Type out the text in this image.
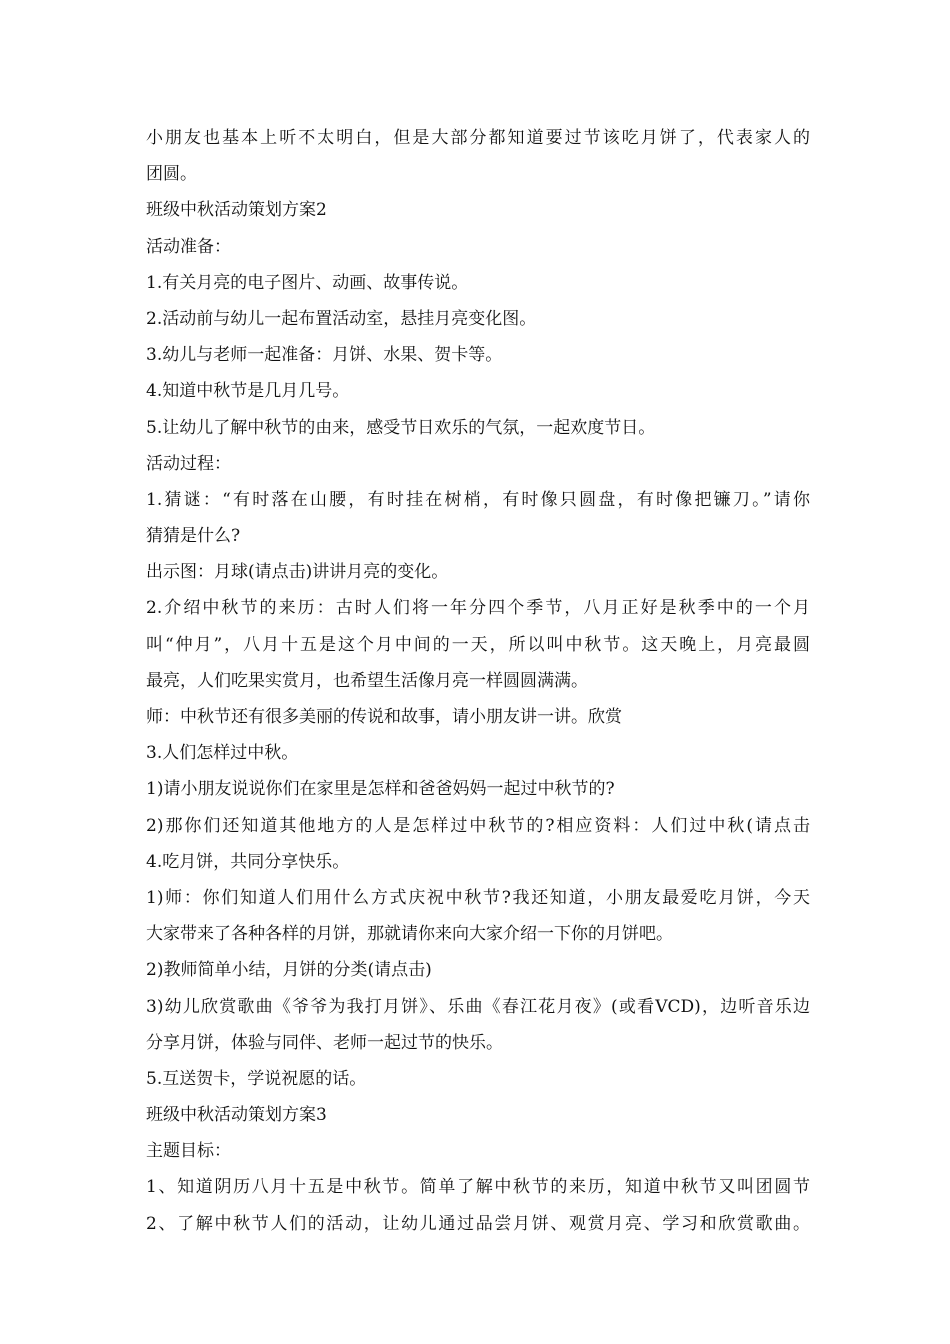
小朋友也基本上听不太明白，但是大部分都知道要过节该吃月饼了，代表家人的
团圆。
班级中秋活动策划方案2
活动准备：
1.有关月亮的电子图片、动画、故事传说。
2.活动前与幼儿一起布置活动室，悬挂月亮变化图。
3.幼儿与老师一起准备：月饼、水果、贺卡等。
4.知道中秋节是几月几号。
5.让幼儿了解中秋节的由来，感受节日欢乐的气氛，一起欢度节日。
活动过程：
1.猜谜：“有时落在山腰，有时挂在树梢，有时像只圆盘，有时像把镰刀。”请你
猜猜是什么?
出示图：月球(请点击)讲讲月亮的变化。
2.介绍中秋节的来历：古时人们将一年分四个季节，八月正好是秋季中的一个月
叫“仲月”，八月十五是这个月中间的一天，所以叫中秋节。这天晚上，月亮最圆
最亮，人们吃果实赏月，也希望生活像月亮一样圆圆满满。
师：中秋节还有很多美丽的传说和故事，请小朋友讲一讲。欣赏
3.人们怎样过中秋。
1)请小朋友说说你们在家里是怎样和爸爸妈妈一起过中秋节的?
2)那你们还知道其他地方的人是怎样过中秋节的?相应资料：人们过中秋(请点击
4.吃月饼，共同分享快乐。
1)师：你们知道人们用什么方式庆祝中秋节?我还知道，小朋友最爱吃月饼，今天
大家带来了各种各样的月饼，那就请你来向大家介绍一下你的月饼吧。
2)教师简单小结，月饼的分类(请点击)
3)幼儿欣赏歌曲《爷爷为我打月饼》、乐曲《春江花月夜》(或看VCD)，边听音乐边
分享月饼，体验与同伴、老师一起过节的快乐。
5.互送贺卡，学说祝愿的话。
班级中秋活动策划方案3
主题目标：
1、知道阴历八月十五是中秋节。简单了解中秋节的来历，知道中秋节又叫团圆节
2、了解中秋节人们的活动，让幼儿通过品尝月饼、观赏月亮、学习和欣赏歌曲。
